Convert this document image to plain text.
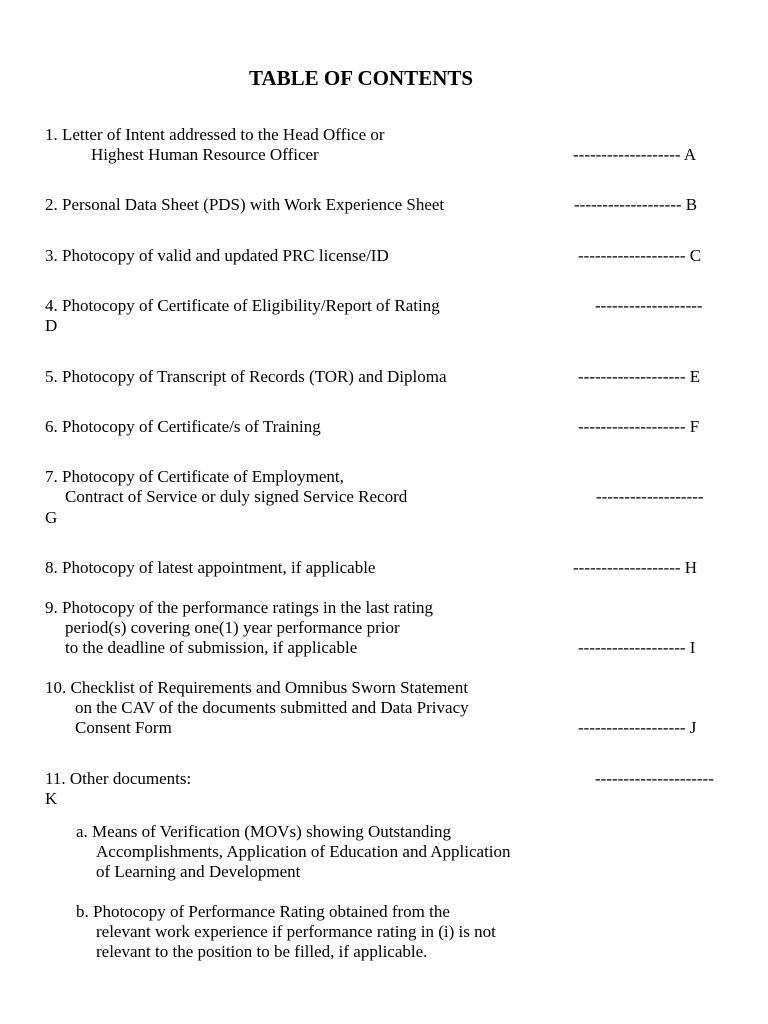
TABLE OF CONTENTS
1. Letter of Intent addressed to the Head Office or
Highest Human Resource Officer	------------------- A
2. Personal Data Sheet (PDS) with Work Experience Sheet	------------------- B
3. Photocopy of valid and updated PRC license/ID	------------------- C
4. Photocopy of Certificate of Eligibility/Report of Rating	-------------------
D
5. Photocopy of Transcript of Records (TOR) and Diploma	------------------- E
6. Photocopy of Certificate/s of Training	------------------- F
7. Photocopy of Certificate of Employment,
Contract of Service or duly signed Service Record	-------------------
G
8. Photocopy of latest appointment, if applicable	------------------- H
9. Photocopy of the performance ratings in the last rating
period(s) covering one(1) year performance prior
to the deadline of submission, if applicable	------------------- I
10. Checklist of Requirements and Omnibus Sworn Statement
on the CAV of the documents submitted and Data Privacy
Consent Form	------------------- J
11. Other documents:	---------------------
K
a. Means of Verification (MOVs) showing Outstanding
Accomplishments, Application of Education and Application
of Learning and Development
b. Photocopy of Performance Rating obtained from the
relevant work experience if performance rating in (i) is not
relevant to the position to be filled, if applicable.
